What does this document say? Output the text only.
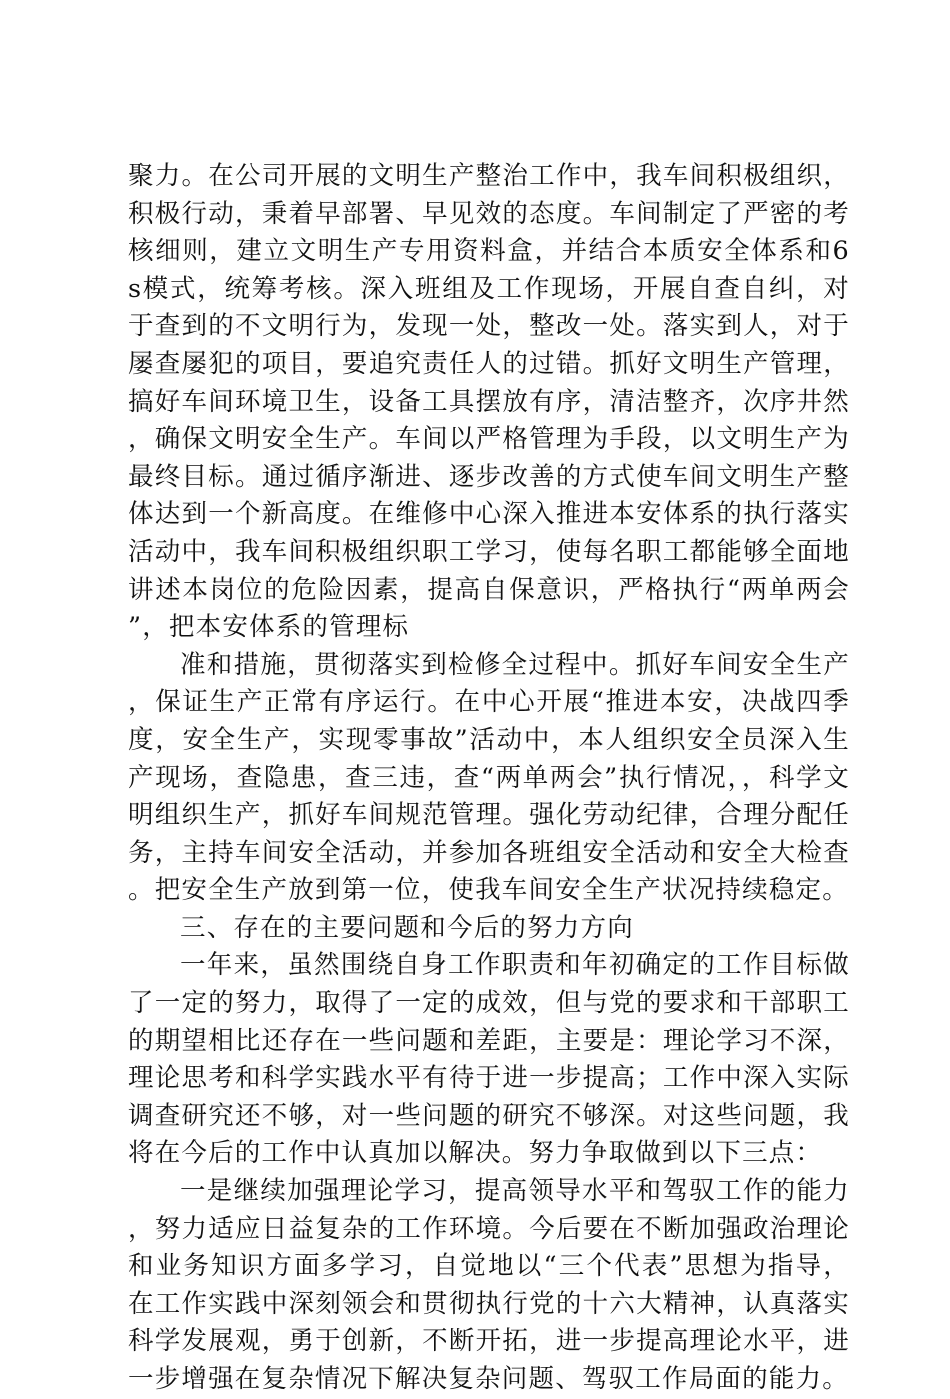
聚力。在公司开展的文明生产整治工作中，我车间积极组织，积极行动，秉着早部署、早见效的态度。车间制定了严密的考核细则，建立文明生产专用资料盒，并结合本质安全体系和6s模式，统筹考核。深入班组及工作现场，开展自查自纠，对于查到的不文明行为，发现一处，整改一处。落实到人，对于屡查屡犯的项目，要追究责任人的过错。抓好文明生产管理，搞好车间环境卫生，设备工具摆放有序，清洁整齐，次序井然，确保文明安全生产。车间以严格管理为手段，以文明生产为最终目标。通过循序渐进、逐步改善的方式使车间文明生产整体达到一个新高度。在维修中心深入推进本安体系的执行落实活动中，我车间积极组织职工学习，使每名职工都能够全面地讲述本岗位的危险因素，提高自保意识，严格执行“两单两会”，把本安体系的管理标

准和措施，贯彻落实到检修全过程中。抓好车间安全生产，保证生产正常有序运行。在中心开展“推进本安，决战四季度，安全生产，实现零事故”活动中，本人组织安全员深入生产现场，查隐患，查三违，查“两单两会”执行情况，，科学文明组织生产，抓好车间规范管理。强化劳动纪律，合理分配任务，主持车间安全活动，并参加各班组安全活动和安全大检查。把安全生产放到第一位，使我车间安全生产状况持续稳定。

三、存在的主要问题和今后的努力方向

一年来，虽然围绕自身工作职责和年初确定的工作目标做了一定的努力，取得了一定的成效，但与党的要求和干部职工的期望相比还存在一些问题和差距，主要是：理论学习不深，理论思考和科学实践水平有待于进一步提高；工作中深入实际调查研究还不够，对一些问题的研究不够深。对这些问题，我将在今后的工作中认真加以解决。努力争取做到以下三点：

一是继续加强理论学习，提高领导水平和驾驭工作的能力，努力适应日益复杂的工作环境。今后要在不断加强政治理论和业务知识方面多学习，自觉地以“三个代表”思想为指导，在工作实践中深刻领会和贯彻执行党的十六大精神，认真落实科学发展观，勇于创新，不断开拓，进一步提高理论水平，进一步增强在复杂情况下解决复杂问题、驾驭工作局面的能力。
